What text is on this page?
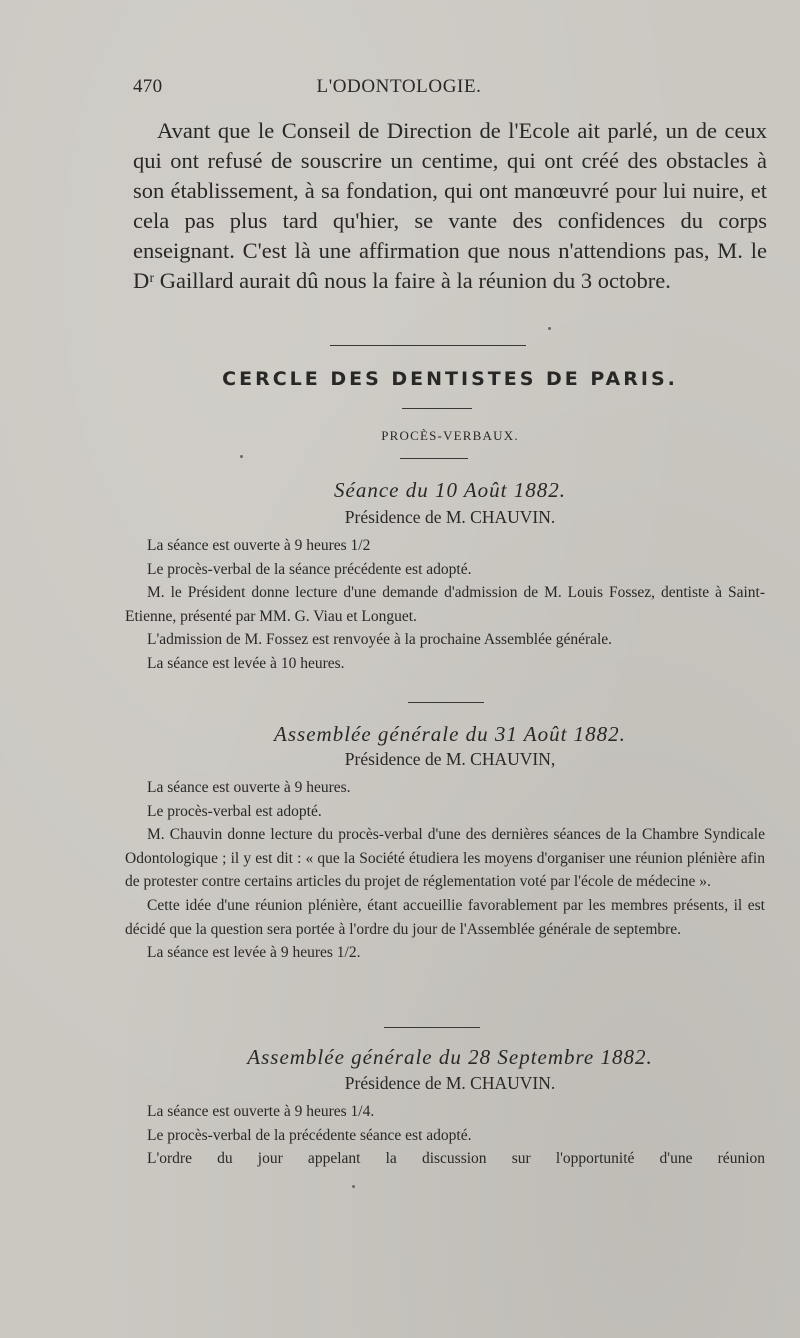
470	L'ODONTOLOGIE.

Avant que le Conseil de Direction de l'Ecole ait parlé, un de ceux qui ont refusé de souscrire un centime, qui ont créé des obstacles à son établissement, à sa fondation, qui ont manœuvré pour lui nuire, et cela pas plus tard qu'hier, se vante des confidences du corps enseignant. C'est là une affirmation que nous n'attendions pas, M. le Dʳ Gaillard aurait dû nous la faire à la réunion du 3 octobre.

CERCLE DES DENTISTES DE PARIS.
PROCÈS-VERBAUX.
Séance du 10 Août 1882.
Présidence de M. CHAUVIN.

La séance est ouverte à 9 heures 1/2

Le procès-verbal de la séance précédente est adopté.

M. le Président donne lecture d'une demande d'admission de M. Louis Fossez, dentiste à Saint-Etienne, présenté par MM. G. Viau et Longuet.

L'admission de M. Fossez est renvoyée à la prochaine Assemblée générale.

La séance est levée à 10 heures.

Assemblée générale du 31 Août 1882.
Présidence de M. CHAUVIN,

La séance est ouverte à 9 heures.

Le procès-verbal est adopté.

M. Chauvin donne lecture du procès-verbal d'une des dernières séances de la Chambre Syndicale Odontologique ; il y est dit : « que la Société étudiera les moyens d'organiser une réunion plénière afin de protester contre certains articles du projet de réglementation voté par l'école de médecine ».

Cette idée d'une réunion plénière, étant accueillie favorablement par les membres présents, il est décidé que la question sera portée à l'ordre du jour de l'Assemblée générale de septembre.

La séance est levée à 9 heures 1/2.

Assemblée générale du 28 Septembre 1882.
Présidence de M. CHAUVIN.

La séance est ouverte à 9 heures 1/4.

Le procès-verbal de la précédente séance est adopté.

L'ordre du jour appelant la discussion sur l'opportunité d'une réunion
